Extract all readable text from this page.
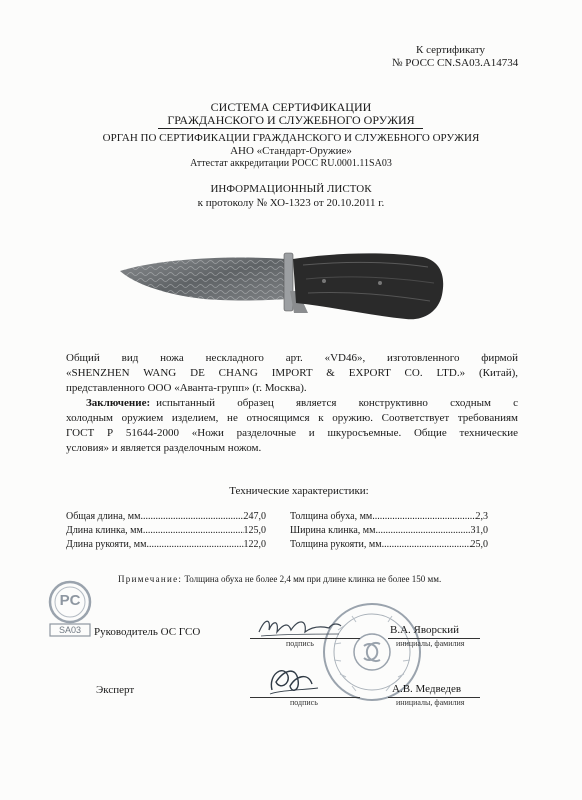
К сертификату
№ РОСС CN.SA03.A14734
СИСТЕМА СЕРТИФИКАЦИИ
ГРАЖДАНСКОГО И СЛУЖЕБНОГО ОРУЖИЯ
ОРГАН ПО СЕРТИФИКАЦИИ ГРАЖДАНСКОГО И СЛУЖЕБНОГО ОРУЖИЯ
АНО «Стандарт-Оружие»
Аттестат аккредитации РОСС RU.0001.11SA03
ИНФОРМАЦИОННЫЙ ЛИСТОК
к протоколу № ХО-1323 от 20.10.2011 г.
Общий вид ножа нескладного арт. «VD46», изготовленного фирмой
«SHENZHEN WANG DE CHANG IMPORT & EXPORT CO. LTD.» (Китай),
представленного ООО «Аванта-групп» (г. Москва).
Заключение: испытанный образец является конструктивно сходным с
холодным оружием изделием, не относящимся к оружию. Соответствует требованиям
ГОСТ Р 51644-2000 «Ножи разделочные и шкуросъемные. Общие технические
условия» и является разделочным ножом.
Технические характеристики:
Общая длина, мм .....	247,0
Длина клинка, мм .....	125,0
Длина рукояти, мм .....	122,0
Толщина обуха, мм .....	2,3
Ширина клинка, мм .....	31,0
Толщина рукояти, мм .....	25,0
Примечание: Толщина обуха не более 2,4 мм при длине клинка не более 150 мм.
PC
SA03	Руководитель ОС ГСО
подпись
В.А. Яворский
инициалы, фамилия
Эксперт
подпись
А.В. Медведев
инициалы, фамилия
